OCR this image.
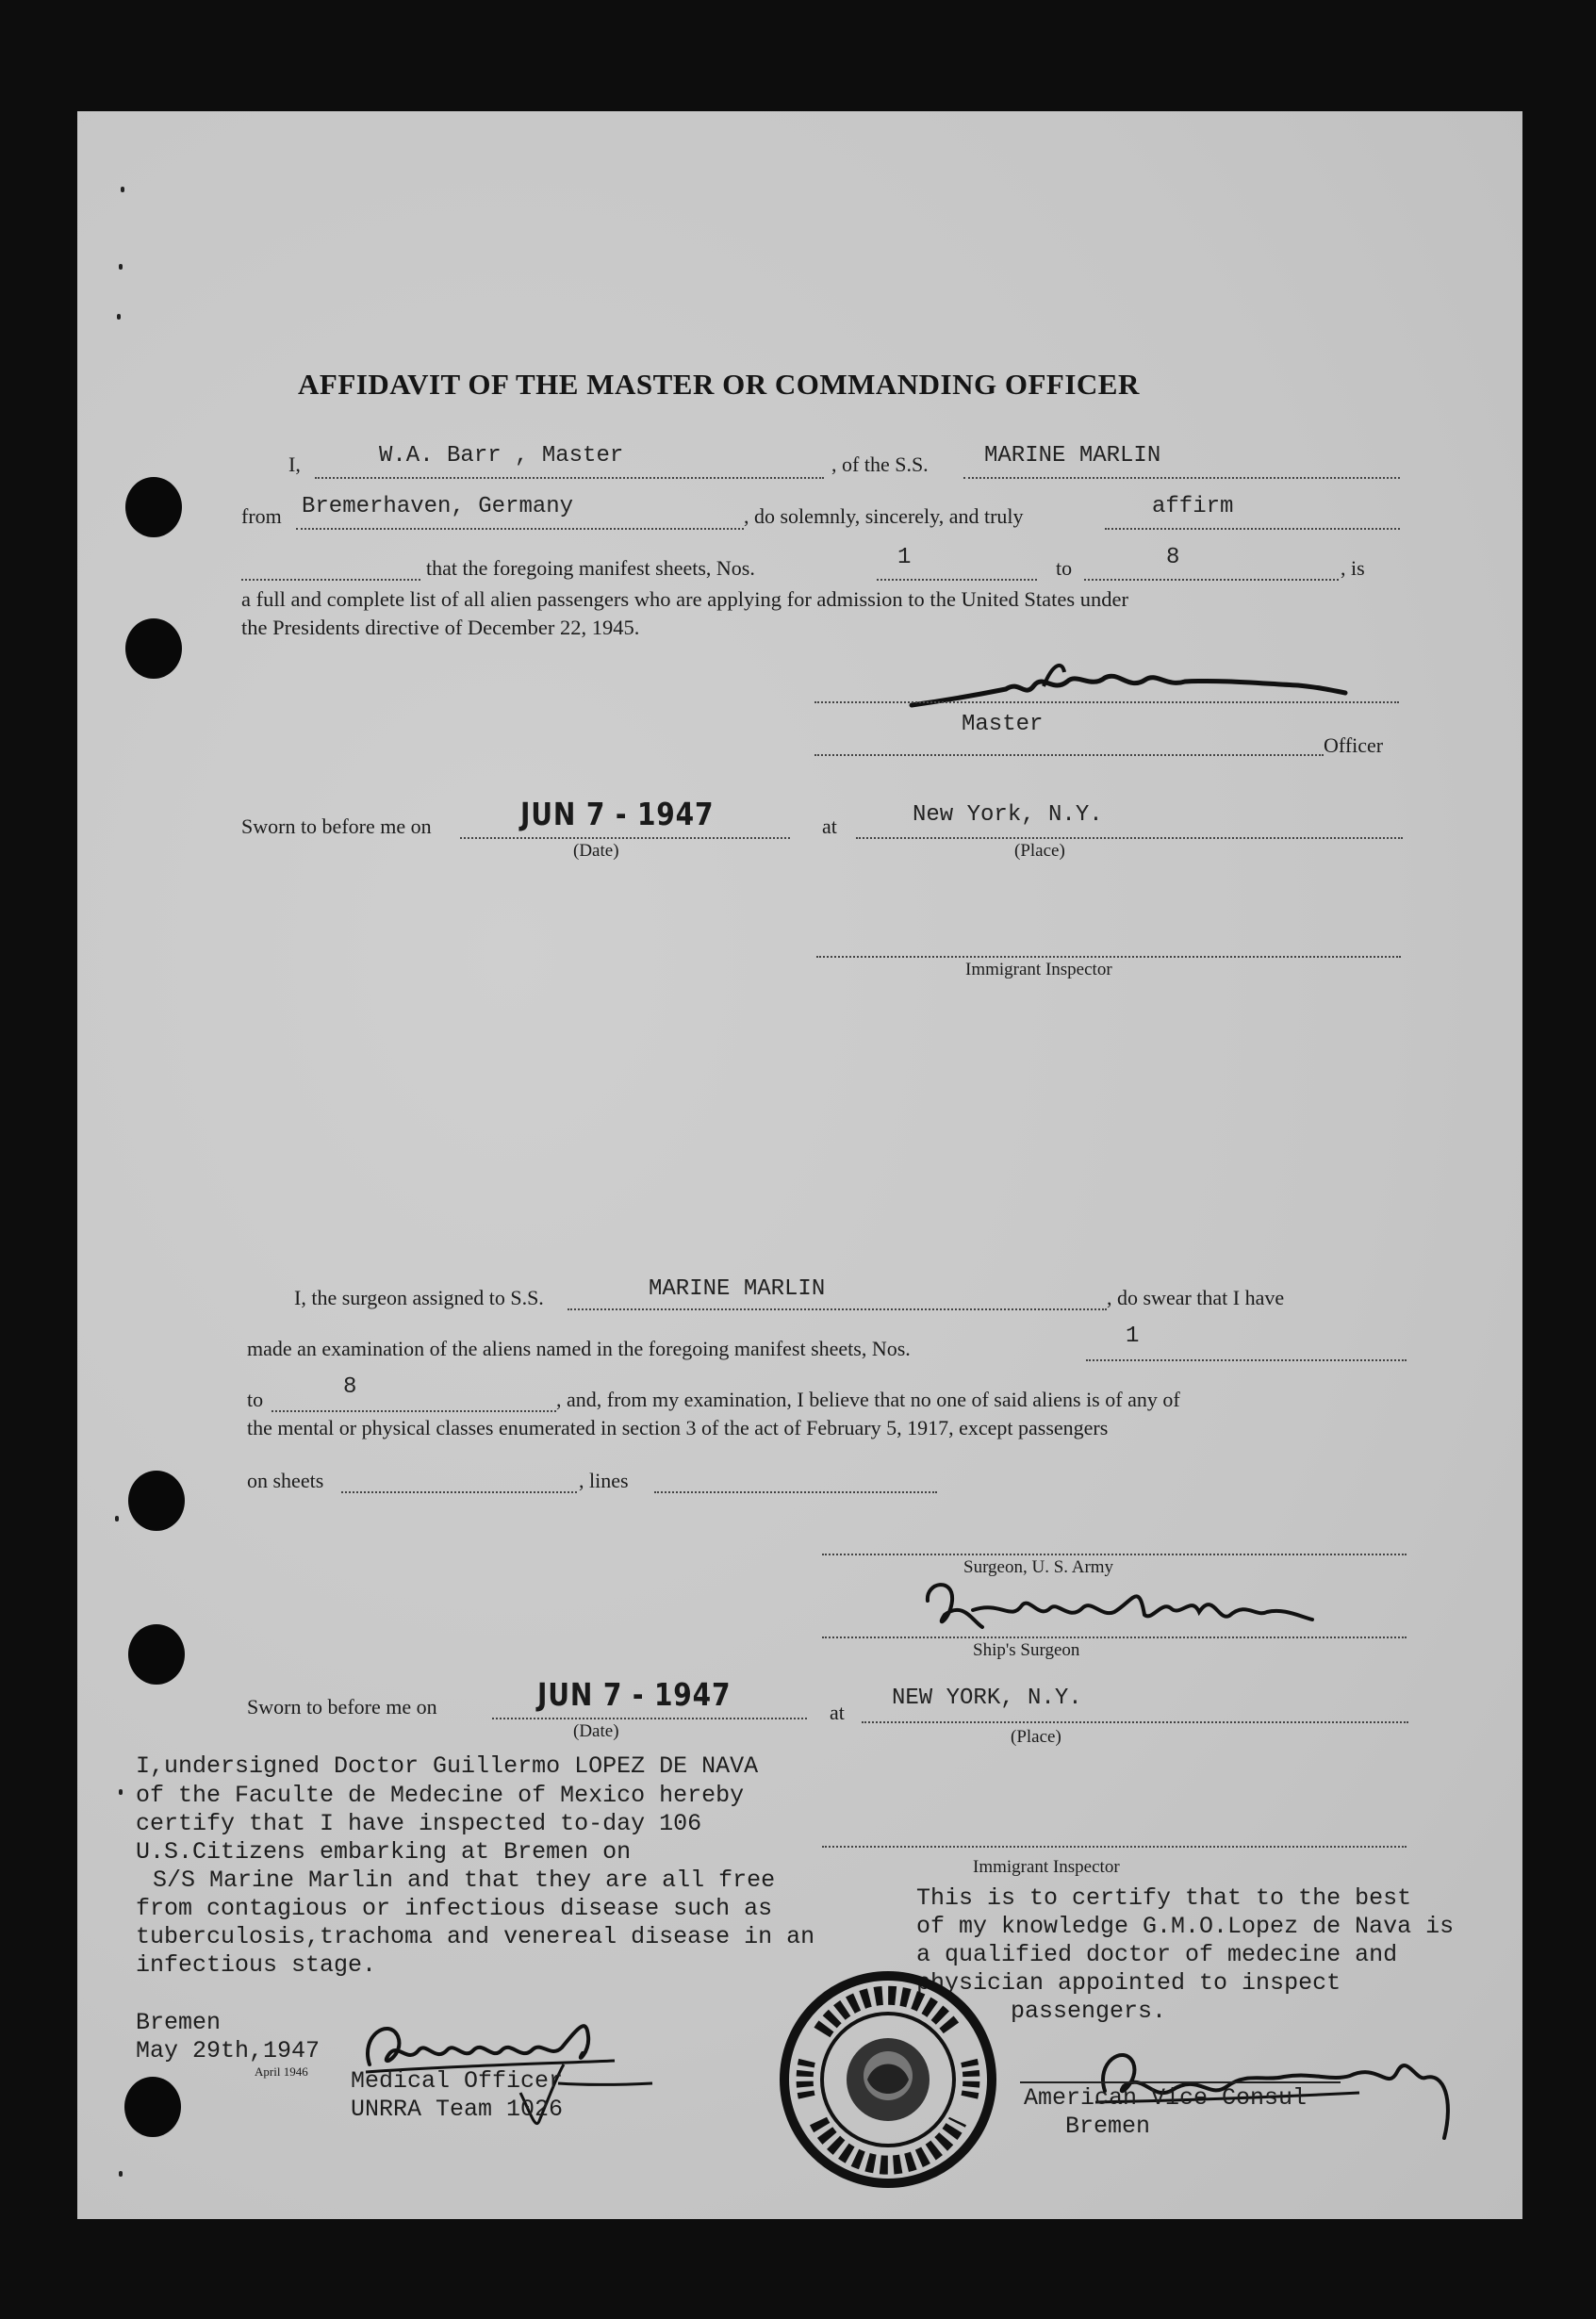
AFFIDAVIT OF THE MASTER OR COMMANDING OFFICER
I,	W.A. Barr , Master	, of the S.S. MARINE MARLIN
from Bremerhaven, Germany	, do solemnly, sincerely, and truly	affirm
that the foregoing manifest sheets, Nos.	1	to	8	, is
a full and complete list of all alien passengers who are applying for admission to the United States under
the Presidents directive of December 22, 1945.
Master
Officer
Sworn to before me on	JUN 7 - 1947	at	New York, N.Y.
(Date)	(Place)
Immigrant Inspector
I, the surgeon assigned to S.S.	MARINE MARLIN	, do swear that I have
made an examination of the aliens named in the foregoing manifest sheets, Nos.	1
to	8	, and, from my examination, I believe that no one of said aliens is of any of
the mental or physical classes enumerated in section 3 of the act of February 5, 1917, except passengers
on sheets	, lines
Surgeon, U. S. Army
Ship's Surgeon
Sworn to before me on	JUN 7 - 1947	at
NEW YORK, N.Y.
(Date)	(Place)
Immigrant Inspector
I,undersigned Doctor Guillermo LOPEZ DE NAVA
of the Faculte de Medecine of Mexico hereby
certify that I have inspected to-day 106
U.S.Citizens embarking at Bremen on
S/S Marine Marlin and that they are all free
from contagious or infectious disease such as
tuberculosis,trachoma and venereal disease in an
infectious stage.
Bremen
May 29th,1947
April 1946 Medical Officer
UNRRA Team 1026
This is to certify that to the best
of my knowledge G.M.O.Lopez de Nava is
a qualified doctor of medecine and
physician appointed to inspect
passengers.
American Vice Consul
Bremen
